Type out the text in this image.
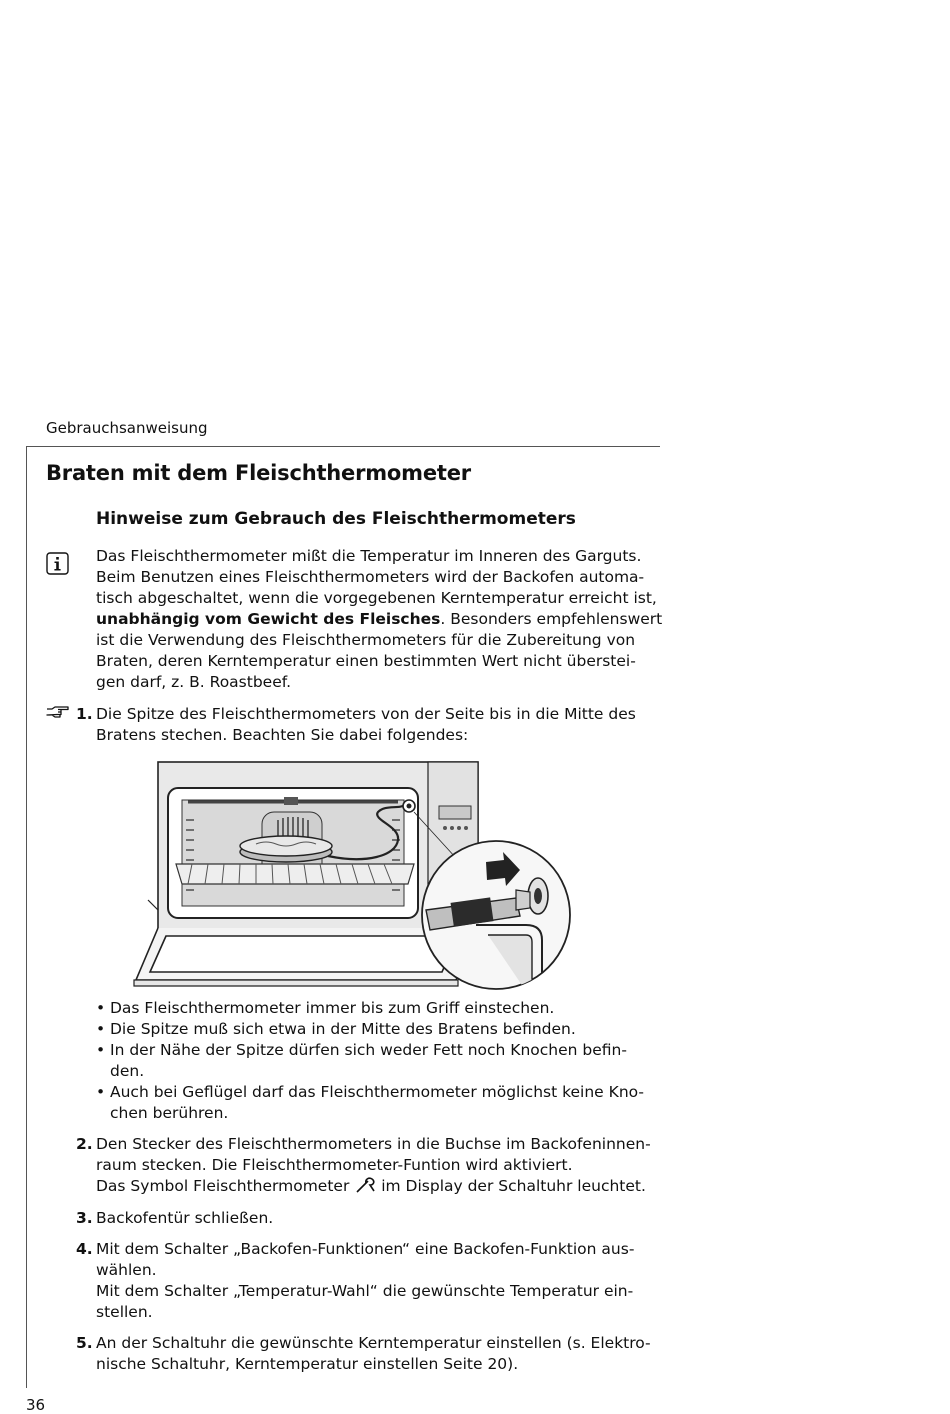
Gebrauchsanweisung
Braten mit dem Fleischthermometer
Hinweise zum Gebrauch des Fleischthermometers
Das Fleischthermometer mißt die Temperatur im Inneren des Garguts.
Beim Benutzen eines Fleischthermometers wird der Backofen automa-
tisch abgeschaltet, wenn die vorgegebenen Kerntemperatur erreicht ist,
unabhängig vom Gewicht des Fleisches. Besonders empfehlenswert
ist die Verwendung des Fleischthermometers für die Zubereitung von
Braten, deren Kerntemperatur einen bestimmten Wert nicht überstei-
gen darf, z. B. Roastbeef.
1. Die Spitze des Fleischthermometers von der Seite bis in die Mitte des
Bratens stechen. Beachten Sie dabei folgendes:
• Das Fleischthermometer immer bis zum Griff einstechen.
• Die Spitze muß sich etwa in der Mitte des Bratens befinden.
• In der Nähe der Spitze dürfen sich weder Fett noch Knochen befin-
den.
• Auch bei Geflügel darf das Fleischthermometer möglichst keine Kno-
chen berühren.
2. Den Stecker des Fleischthermometers in die Buchse im Backofeninnen-
raum stecken. Die Fleischthermometer-Funtion wird aktiviert.
Das Symbol Fleischthermometer im Display der Schaltuhr leuchtet.
3. Backofentür schließen.
4. Mit dem Schalter „Backofen-Funktionen“ eine Backofen-Funktion aus-
wählen.
Mit dem Schalter „Temperatur-Wahl“ die gewünschte Temperatur ein-
stellen.
5. An der Schaltuhr die gewünschte Kerntemperatur einstellen (s. Elektro-
nische Schaltuhr, Kerntemperatur einstellen Seite 20).
36
